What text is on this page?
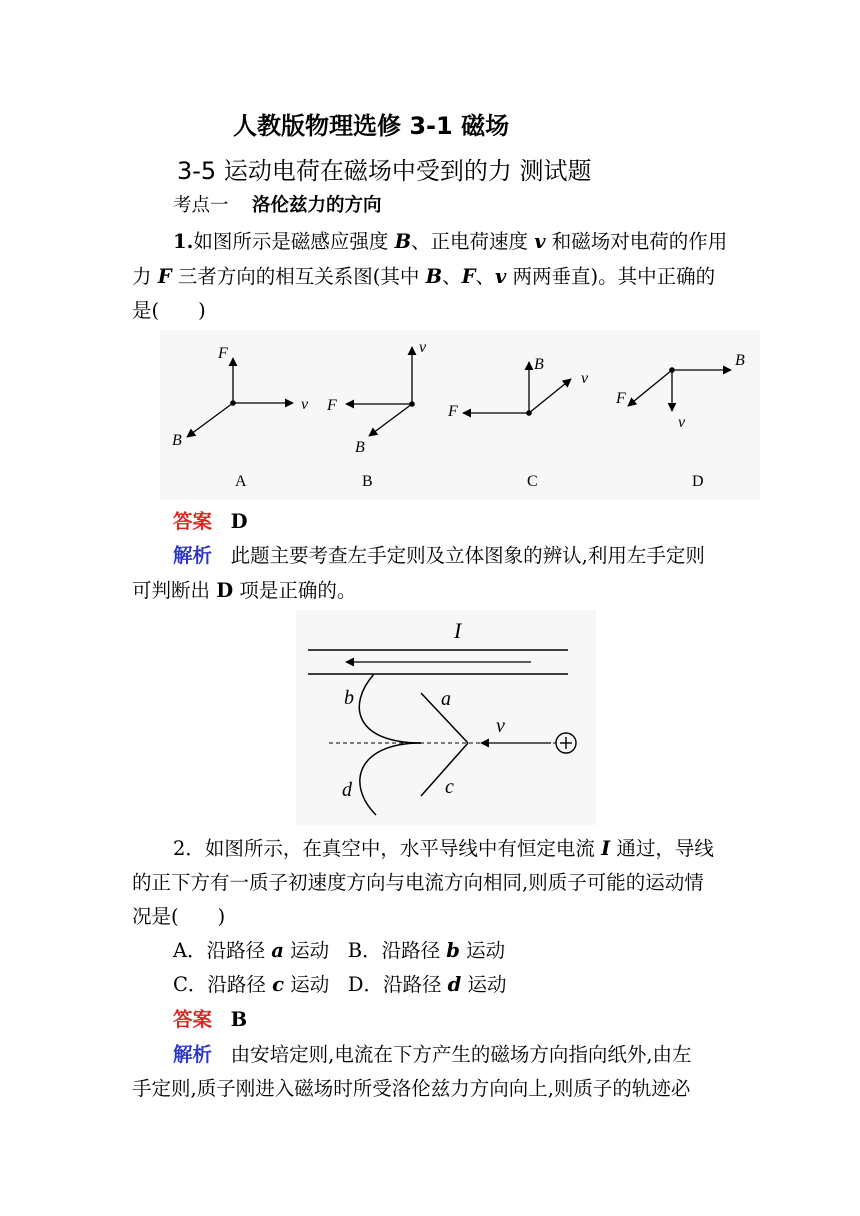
人教版物理选修 3-1 磁场
3-5 运动电荷在磁场中受到的力 测试题
考点一 洛伦兹力的方向
1.如图所示是磁感应强度 B、正电荷速度 v 和磁场对电荷的作用
力 F 三者方向的相互关系图(其中 B、F、v 两两垂直)。其中正确的
是(　　)
F
v
B
A
v
F
B
B
B
v
F
C
B
F
v
D
答案 D
解析 此题主要考查左手定则及立体图象的辨认,利用左手定则
可判断出 D 项是正确的。
I
a
b
c
d
v
2．如图所示，在真空中，水平导线中有恒定电流 I 通过，导线
的正下方有一质子初速度方向与电流方向相同,则质子可能的运动情
况是(　　)
A．沿路径 a 运动 B．沿路径 b 运动
C．沿路径 c 运动 D．沿路径 d 运动
答案 B
解析 由安培定则,电流在下方产生的磁场方向指向纸外,由左
手定则,质子刚进入磁场时所受洛伦兹力方向向上,则质子的轨迹必
